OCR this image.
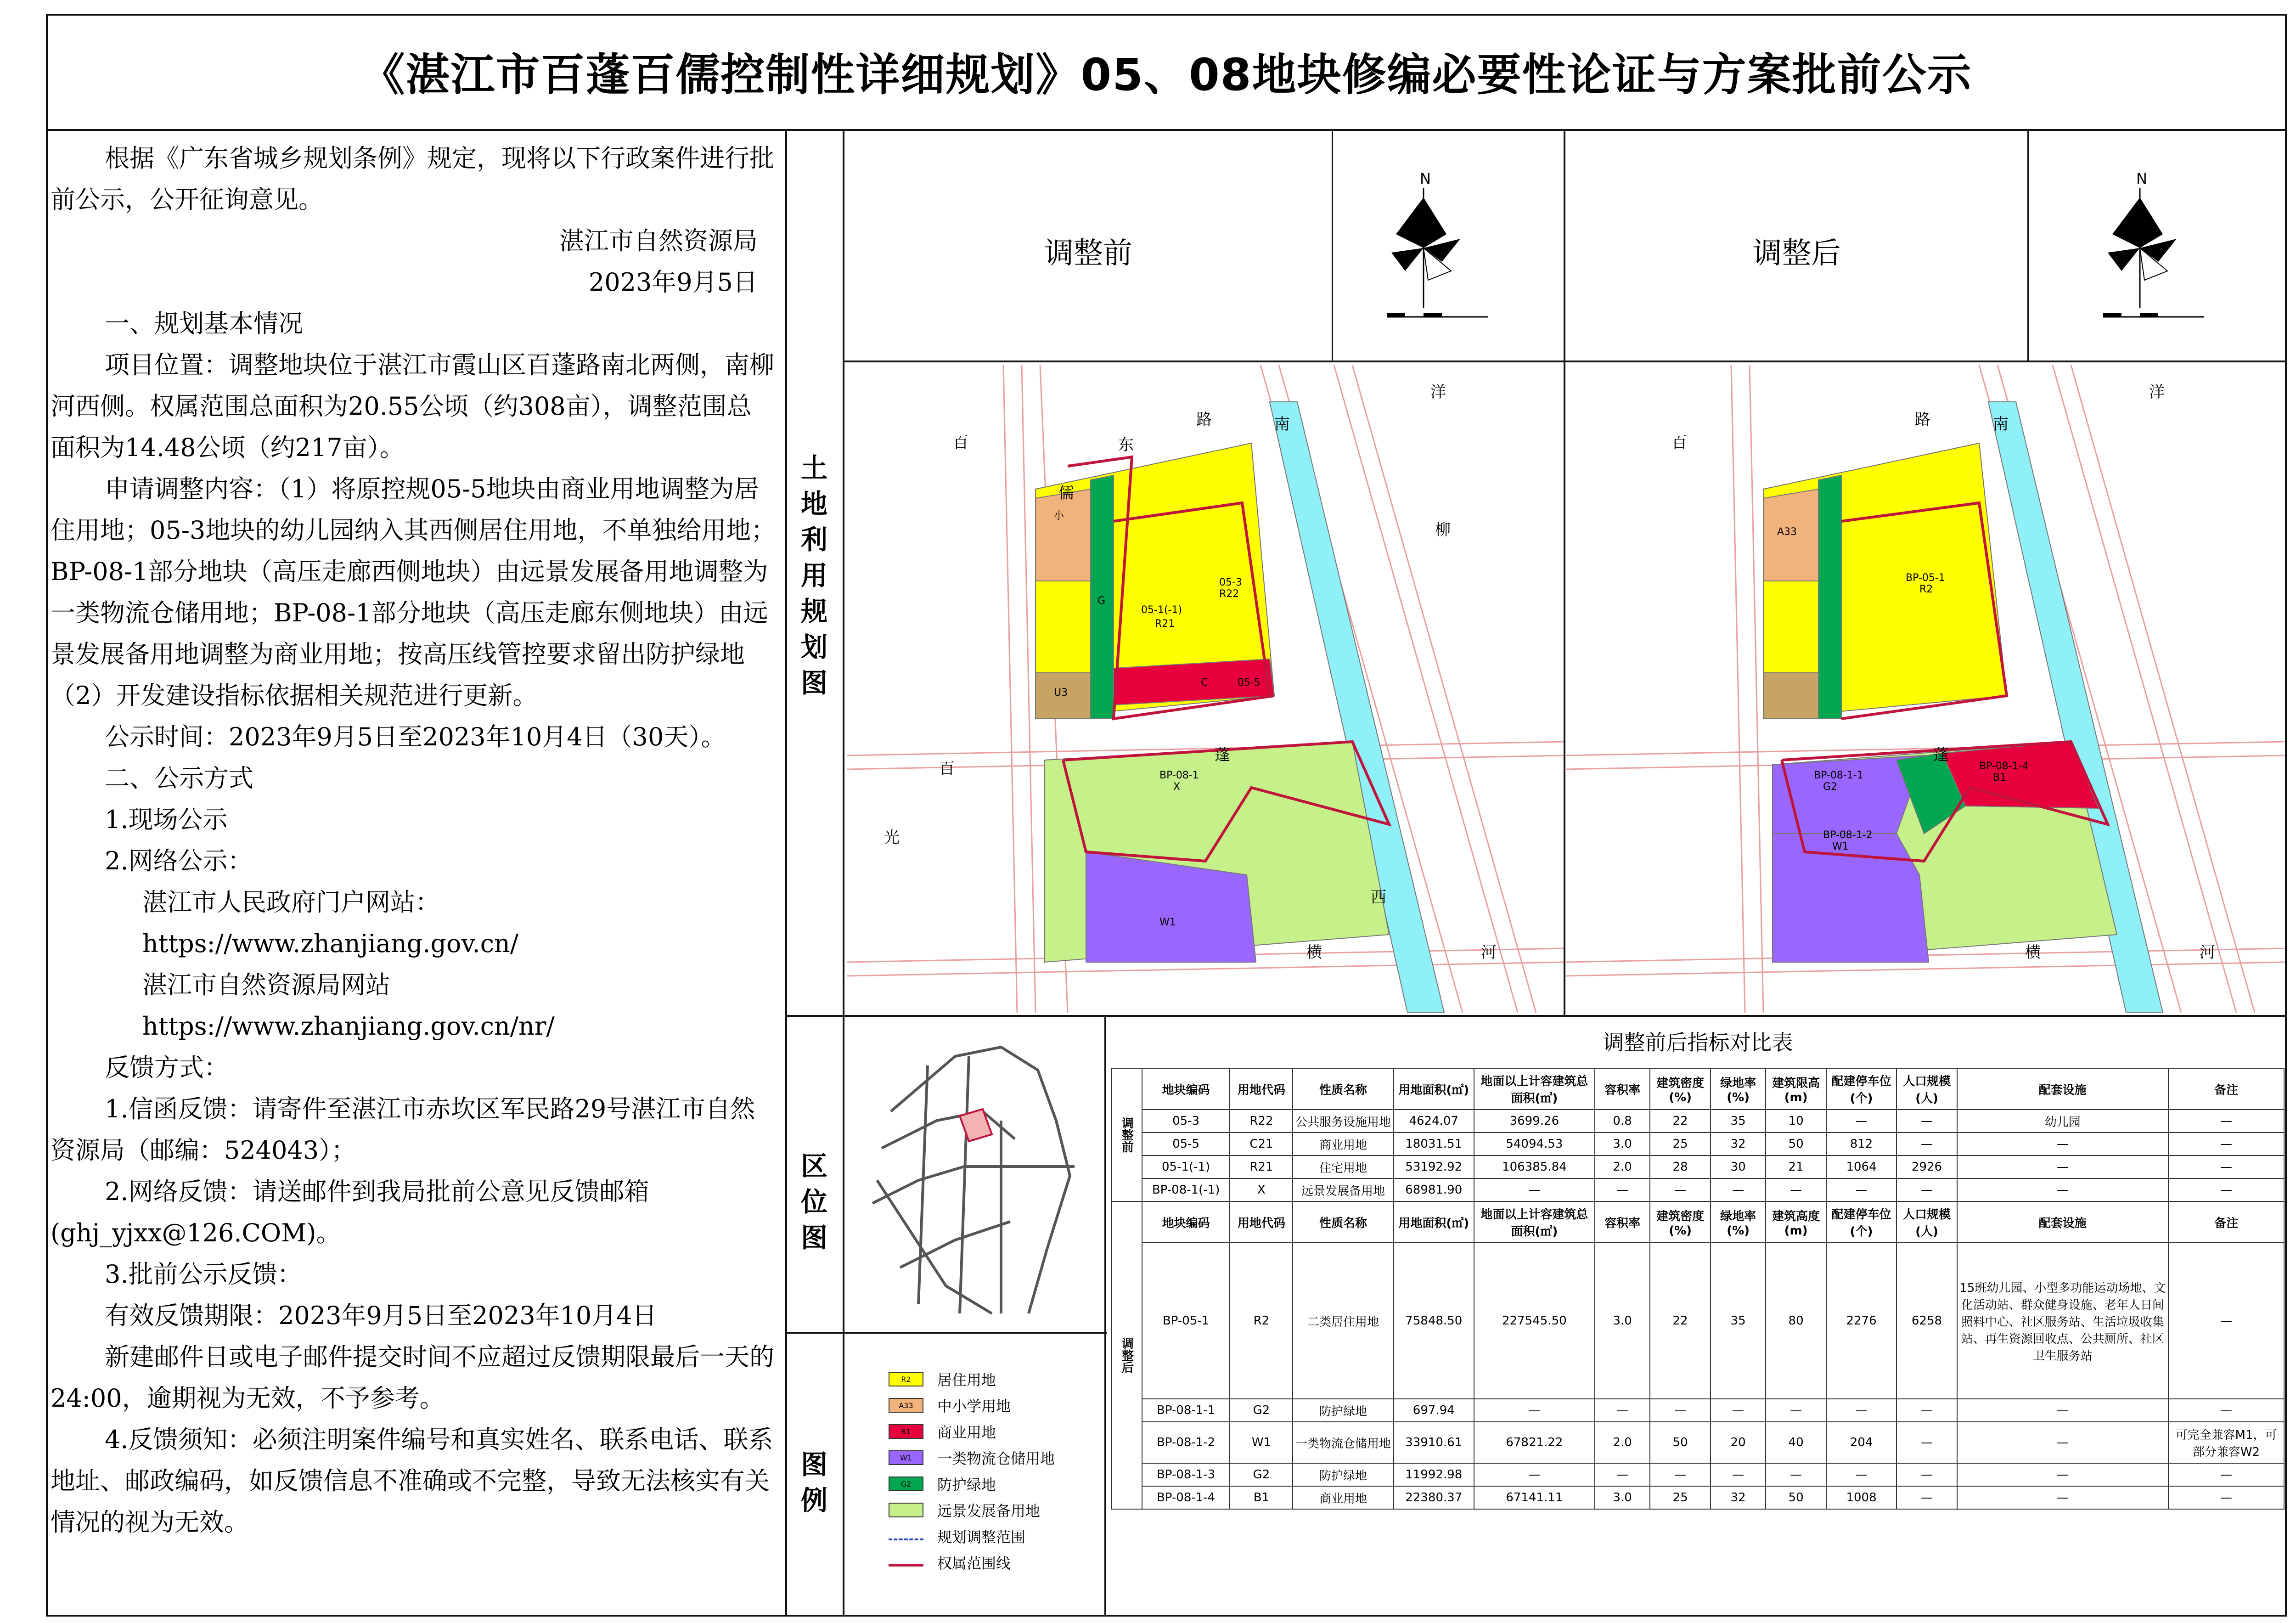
《湛江市百蓬百儒控制性详细规划》05、08地块修编必要性论证与方案批前公示

根据《广东省城乡规划条例》规定，现将以下行政案件进行批前公示，公开征询意见。

湛江市自然资源局

2023年9月5日

一、规划基本情况

项目位置：调整地块位于湛江市霞山区百蓬路南北两侧，南柳河西侧。权属范围总面积为20.55公顷（约308亩），调整范围总面积为14.48公顷（约217亩）。

申请调整内容：（1）将原控规05-5地块由商业用地调整为居住用地；05-3地块的幼儿园纳入其西侧居住用地，不单独给用地；BP-08-1部分地块（高压走廊西侧地块）由远景发展备用地调整为一类物流仓储用地；BP-08-1部分地块（高压走廊东侧地块）由远景发展备用地调整为商业用地；按高压线管控要求留出防护绿地（2）开发建设指标依据相关规范进行更新。

公示时间：2023年9月5日至2023年10月4日（30天）。

二、公示方式

1.现场公示

2.网络公示：

湛江市人民政府门户网站：

https://www.zhanjiang.gov.cn/

湛江市自然资源局网站

https://www.zhanjiang.gov.cn/nr/

反馈方式：

1.信函反馈：请寄件至湛江市赤坎区军民路29号湛江市自然资源局（邮编：524043）；

2.网络反馈：请送邮件到我局批前公意见反馈邮箱(ghj_yjxx@126.COM)。

3.批前公示反馈：

有效反馈期限：2023年9月5日至2023年10月4日

新建邮件日或电子邮件提交时间不应超过反馈期限最后一天的24:00，逾期视为无效，不予参考。

4.反馈须知：必须注明案件编号和真实姓名、联系电话、联系地址、邮政编码，如反馈信息不准确或不完整，导致无法核实有关情况的视为无效。

土地利用规划图
区位图
图例
调整前	调整后
N	N
百
儒
东
路	南
洋
柳
蓬
百
光
西
横	河
05-1(-1)
R21
05-3
R22
小
G
U3
C	05-5
BP-08-1
X
W1
百
路	南
洋
蓬
横	河
BP-05-1
R2
A33
BP-08-1-1
G2
BP-08-1-2
W1
BP-08-1-4
B1
调整前后指标对比表
调整前	地块编码	用地代码	性质名称	用地面积(㎡)	地面以上计容建筑总面积(㎡)	容积率	建筑密度(%)	绿地率(%)	建筑限高(m)	配建停车位(个)	人口规模(人)	配套设施	备注
	05-3	R22	公共服务设施用地	4624.07	3699.26	0.8	22	35	10	—	—	幼儿园	—
	05-5	C21	商业用地	18031.51	54094.53	3.0	25	32	50	812	—	—	—
	05-1(-1)	R21	住宅用地	53192.92	106385.84	2.0	28	30	21	1064	2926	—	—
	BP-08-1(-1)	X	远景发展备用地	68981.90	—	—	—	—	—	—	—	—	—
调整后	地块编码	用地代码	性质名称	用地面积(㎡)	地面以上计容建筑总面积(㎡)	容积率	建筑密度(%)	绿地率(%)	建筑高度(m)	配建停车位(个)	人口规模(人)	配套设施	备注
	BP-05-1	R2	二类居住用地	75848.50	227545.50	3.0	22	35	80	2276	6258	15班幼儿园、小型多功能运动场地、文化活动站、群众健身设施、老年人日间照料中心、社区服务站、生活垃圾收集站、再生资源回收点、公共厕所、社区卫生服务站	—
	BP-08-1-1	G2	防护绿地	697.94	—	—	—	—	—	—	—	—	—
	BP-08-1-2	W1	一类物流仓储用地	33910.61	67821.22	2.0	50	20	40	204	—	—	可完全兼容M1，可部分兼容W2
	BP-08-1-3	G2	防护绿地	11992.98	—	—	—	—	—	—	—	—	—
	BP-08-1-4	B1	商业用地	22380.37	67141.11	3.0	25	32	50	1008	—	—	—
R2	居住用地
A33	中小学用地
B1	商业用地
W1	一类物流仓储用地
G2	防护绿地
远景发展备用地
规划调整范围
权属范围线
